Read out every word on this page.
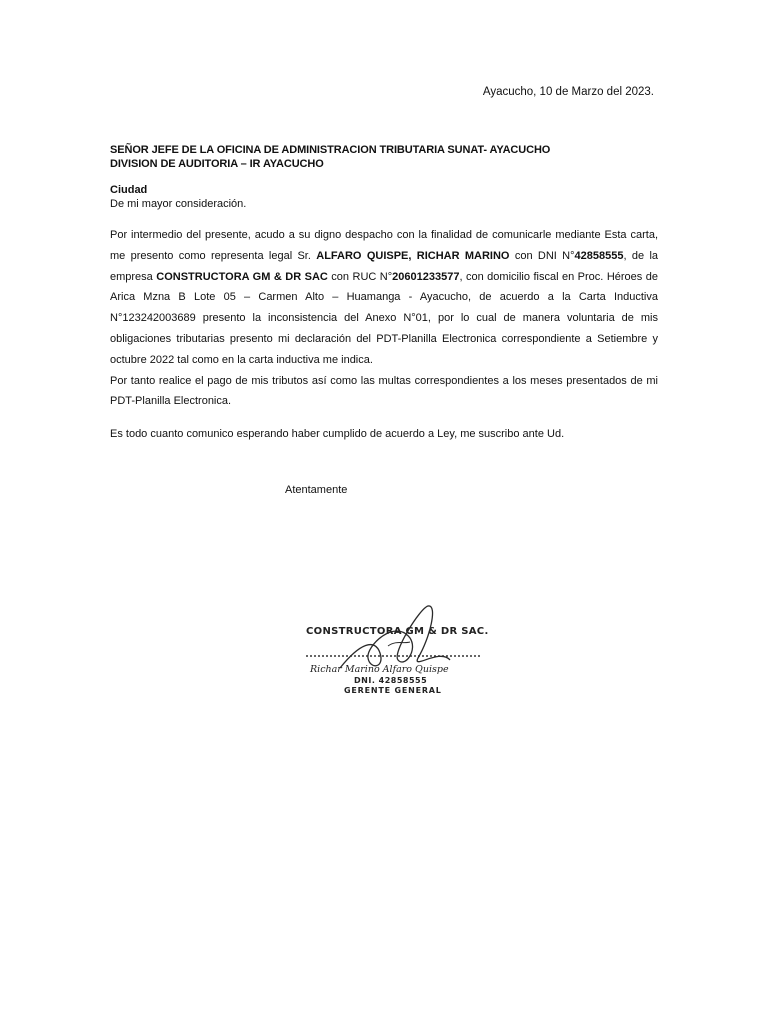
Ayacucho, 10 de Marzo del 2023.
SEÑOR JEFE DE LA OFICINA DE ADMINISTRACION TRIBUTARIA SUNAT- AYACUCHO
DIVISION DE AUDITORIA – IR AYACUCHO
Ciudad
De mi mayor consideración.

Por intermedio del presente, acudo a su digno despacho con la finalidad de comunicarle mediante Esta carta, me presento como representa legal Sr. ALFARO QUISPE, RICHAR MARINO con DNI N°42858555, de la empresa CONSTRUCTORA GM & DR SAC con RUC N°20601233577, con domicilio fiscal en Proc. Héroes de Arica Mzna B Lote 05 – Carmen Alto – Huamanga - Ayacucho, de acuerdo a la Carta Inductiva N°123242003689 presento la inconsistencia del Anexo N°01, por lo cual de manera voluntaria de mis obligaciones tributarias presento mi declaración del PDT-Planilla Electronica correspondiente a Setiembre y octubre 2022 tal como en la carta inductiva me indica.

Por tanto realice el pago de mis tributos así como las multas correspondientes a los meses presentados de mi PDT-Planilla Electronica.

Es todo cuanto comunico esperando haber cumplido de acuerdo a Ley, me suscribo ante Ud.
Atentamente
CONSTRUCTORA GM & DR SAC.
Richar Marino Alfaro Quispe
DNI. 42858555
GERENTE GENERAL
